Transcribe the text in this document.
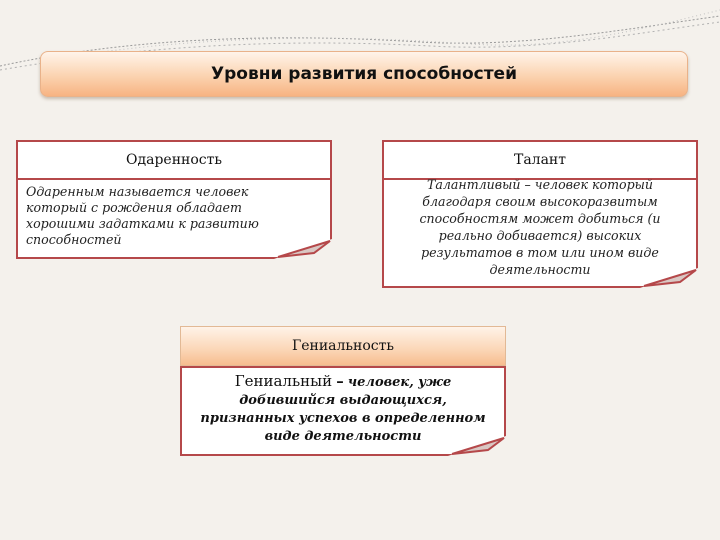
Уровни развития способностей
Одаренность
Одаренным называется человек который с рождения обладает хорошими задатками к развитию способностей
Талант
Талантливый – человек который благодаря своим высокоразвитым способностям может добиться (и реально добивается) высоких результатов в том или ином виде деятельности
Гениальность
Гениальный – человек, уже добившийся выдающихся, признанных успехов в определенном виде деятельности
